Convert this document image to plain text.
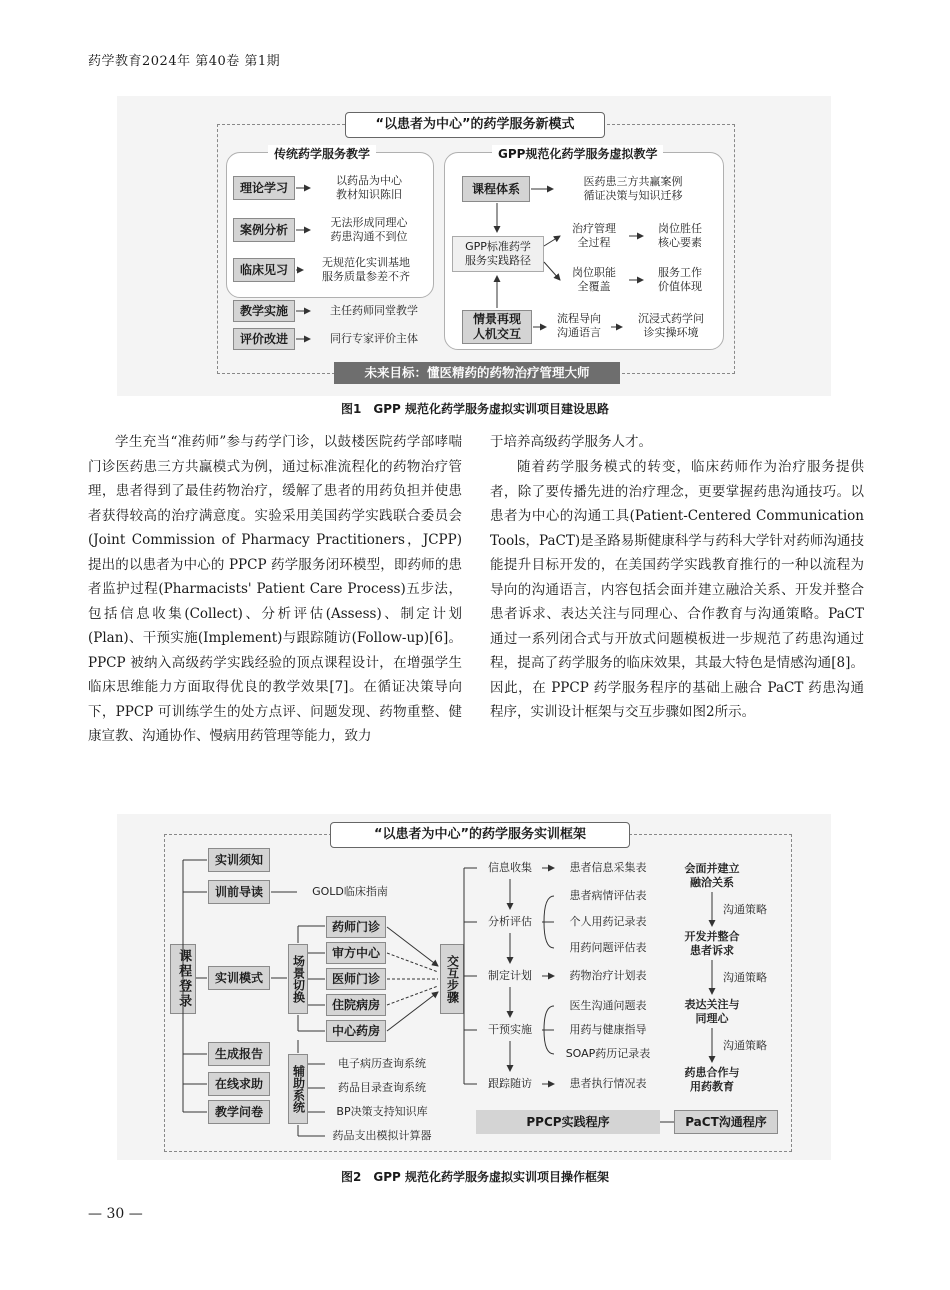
药学教育2024年 第40卷 第1期
“以患者为中心”的药学服务新模式
传统药学服务教学
理论学习	以药品为中心
教材知识陈旧
案例分析	无法形成同理心
药患沟通不到位
临床见习	无规范化实训基地
服务质量参差不齐
教学实施	主任药师同堂教学
评价改进	同行专家评价主体
GPP规范化药学服务虚拟教学
课程体系	医药患三方共赢案例
循证决策与知识迁移
GPP标准药学
服务实践路径
治疗管理
全过程
岗位胜任
核心要素
岗位职能
全覆盖
服务工作
价值体现
情景再现
人机交互
流程导向
沟通语言
沉浸式药学问
诊实操环境
未来目标：懂医精药的药物治疗管理大师
图1　GPP 规范化药学服务虚拟实训项目建设思路

学生充当“准药师”参与药学门诊，以鼓楼医院药学部哮喘门诊医药患三方共赢模式为例，通过标准流程化的药物治疗管理，患者得到了最佳药物治疗，缓解了患者的用药负担并使患者获得较高的治疗满意度。实验采用美国药学实践联合委员会(Joint Commission of Pharmacy Practitioners，JCPP)提出的以患者为中心的 PPCP 药学服务闭环模型，即药师的患者监护过程(Pharmacists' Patient Care Process)五步法，包括信息收集(Collect)、分析评估(Assess)、制定计划(Plan)、干预实施(Implement)与跟踪随访(Follow-up)[6]。PPCP 被纳入高级药学实践经验的顶点课程设计，在增强学生临床思维能力方面取得优良的教学效果[7]。在循证决策导向下，PPCP 可训练学生的处方点评、问题发现、药物重整、健康宣教、沟通协作、慢病用药管理等能力，致力

于培养高级药学服务人才。

随着药学服务模式的转变，临床药师作为治疗服务提供者，除了要传播先进的治疗理念，更要掌握药患沟通技巧。以患者为中心的沟通工具(Patient-Centered Communication Tools，PaCT)是圣路易斯健康科学与药科大学针对药师沟通技能提升目标开发的，在美国药学实践教育推行的一种以流程为导向的沟通语言，内容包括会面并建立融洽关系、开发并整合患者诉求、表达关注与同理心、合作教育与沟通策略。PaCT 通过一系列闭合式与开放式问题模板进一步规范了药患沟通过程，提高了药学服务的临床效果，其最大特色是情感沟通[8]。因此，在 PPCP 药学服务程序的基础上融合 PaCT 药患沟通程序，实训设计框架与交互步骤如图2所示。

“以患者为中心”的药学服务实训框架
课程登录
实训须知
训前导读	GOLD临床指南
实训模式
生成报告
在线求助
教学问卷
场景切换
药师门诊
审方中心
医师门诊
住院病房
中心药房
辅助系统
电子病历查询系统
药品目录查询系统
BP决策支持知识库
药品支出模拟计算器
交互步骤
信息收集
分析评估
制定计划
干预实施
跟踪随访
患者信息采集表
患者病情评估表
个人用药记录表
用药问题评估表
药物治疗计划表
医生沟通问题表
用药与健康指导
SOAP药历记录表
患者执行情况表
会面并建立
融洽关系
沟通策略
开发并整合
患者诉求
沟通策略
表达关注与
同理心
沟通策略
药患合作与
用药教育
PPCP实践程序	PaCT沟通程序
图2　GPP 规范化药学服务虚拟实训项目操作框架
— 30 —
